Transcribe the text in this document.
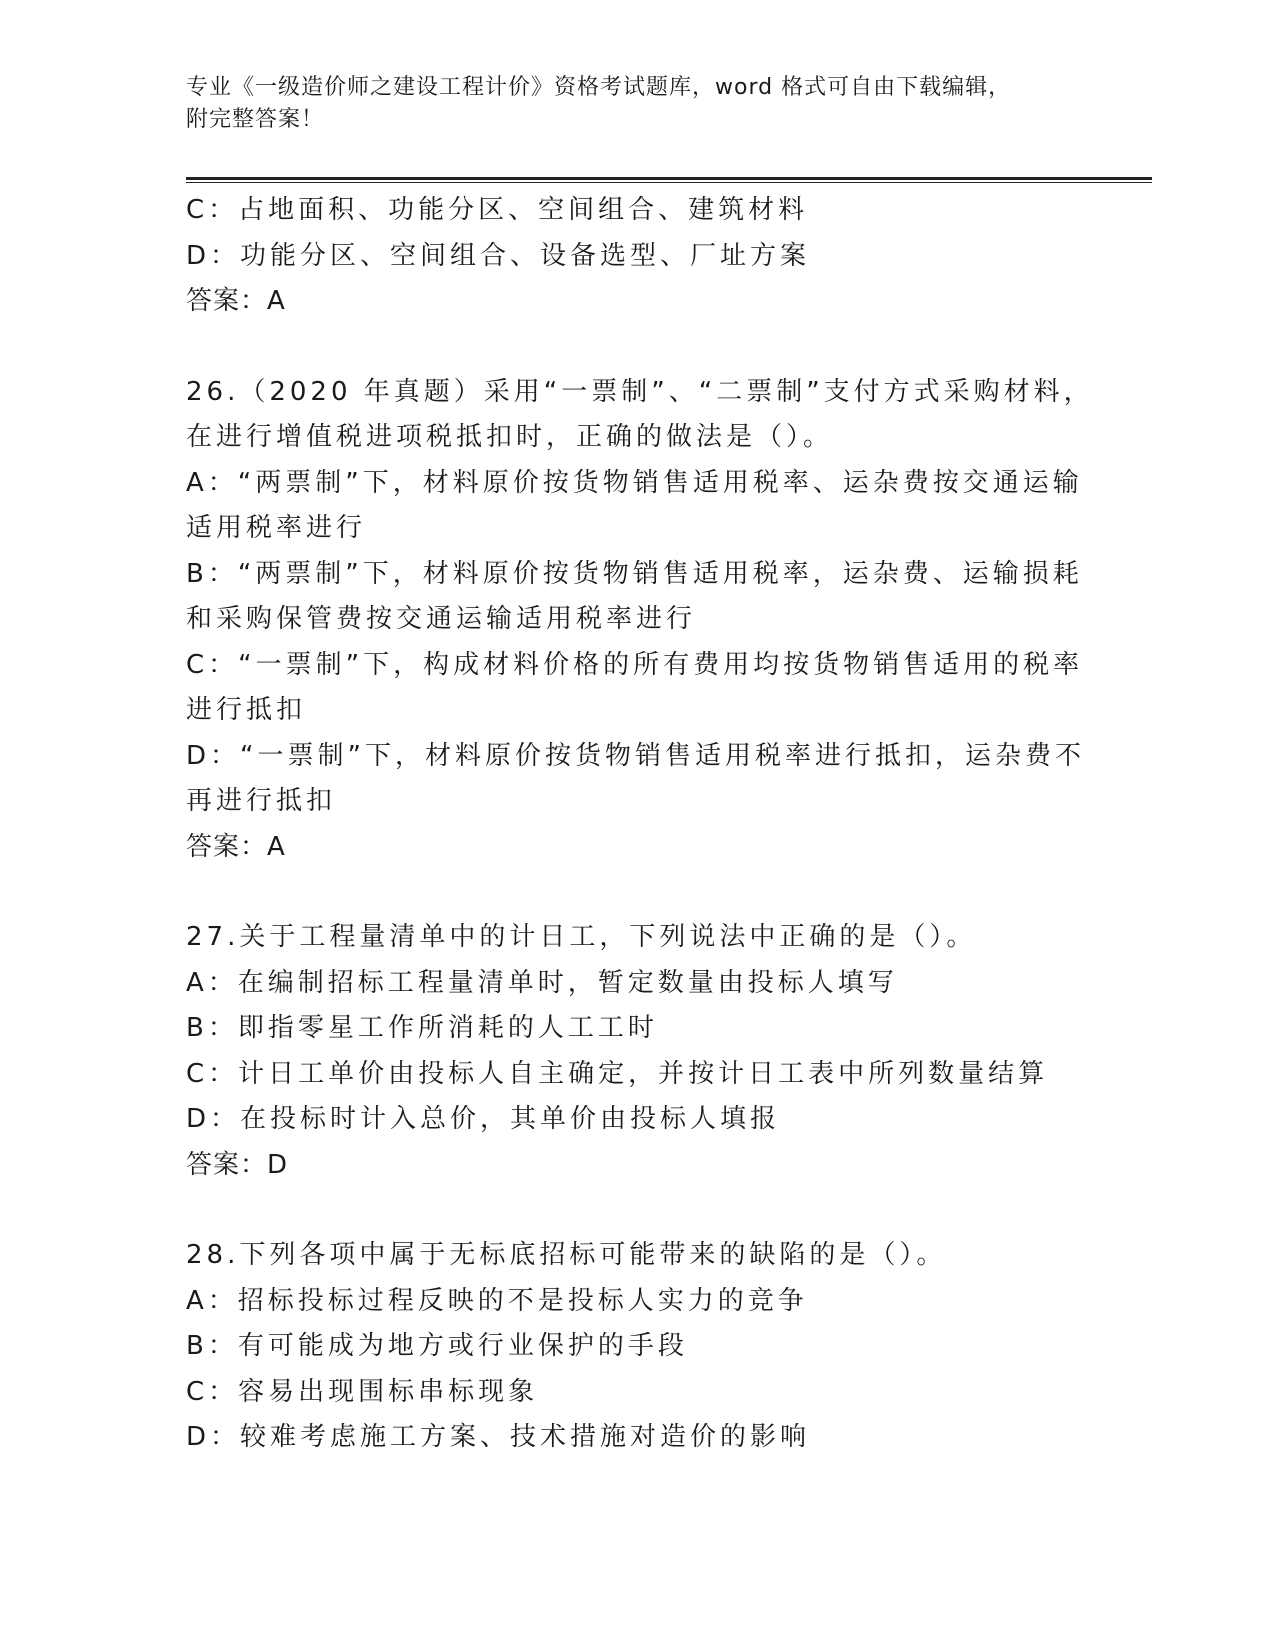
专业《一级造价师之建设工程计价》资格考试题库，word 格式可自由下载编辑，
附完整答案！
C：占地面积、功能分区、空间组合、建筑材料
D：功能分区、空间组合、设备选型、厂址方案
答案：A
26.（2020 年真题）采用“一票制”、“二票制”支付方式采购材料，
在进行增值税进项税抵扣时，正确的做法是（）。
A：“两票制”下，材料原价按货物销售适用税率、运杂费按交通运输
适用税率进行
B：“两票制”下，材料原价按货物销售适用税率，运杂费、运输损耗
和采购保管费按交通运输适用税率进行
C：“一票制”下，构成材料价格的所有费用均按货物销售适用的税率
进行抵扣
D：“一票制”下，材料原价按货物销售适用税率进行抵扣，运杂费不
再进行抵扣
答案：A
27.关于工程量清单中的计日工，下列说法中正确的是（）。
A：在编制招标工程量清单时，暂定数量由投标人填写
B：即指零星工作所消耗的人工工时
C：计日工单价由投标人自主确定，并按计日工表中所列数量结算
D：在投标时计入总价，其单价由投标人填报
答案：D
28.下列各项中属于无标底招标可能带来的缺陷的是（）。
A：招标投标过程反映的不是投标人实力的竞争
B：有可能成为地方或行业保护的手段
C：容易出现围标串标现象
D：较难考虑施工方案、技术措施对造价的影响
